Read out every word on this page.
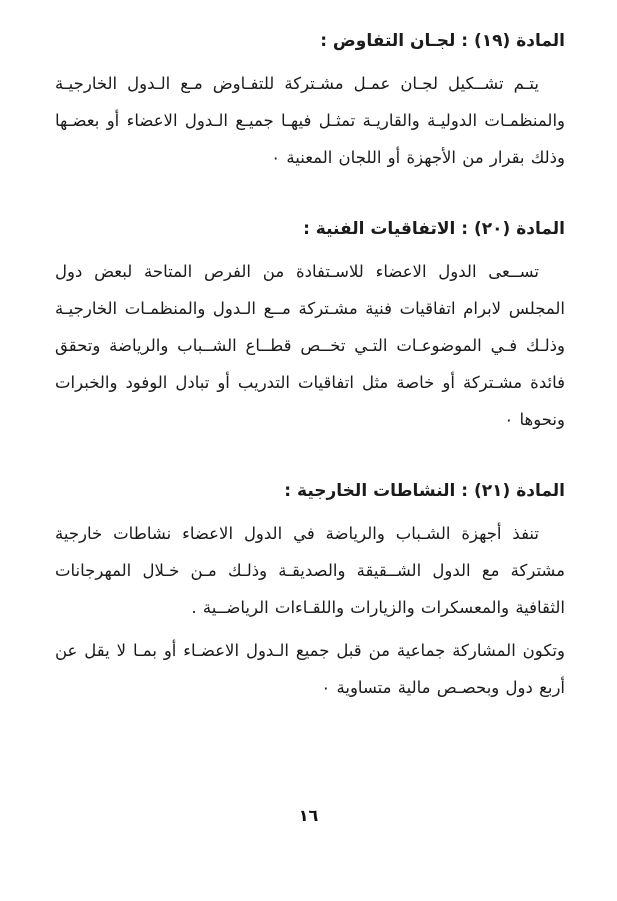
المادة (١٩) : لجـان التفاوض :

يتـم تشــكيل لجـان عمـل مشـتركة للتفـاوض مـع الـدول الخارجيـة والمنظمـات الدوليـة والقاريـة تمثـل فيهـا جميـع الـدول الاعضاء أو بعضـها وذلك بقرار من الأجهزة أو اللجان المعنية ٠

المادة (٢٠) : الاتفاقيات الفنية :

تســعى الدول الاعضاء للاسـتفادة من الفرص المتاحة لبعض دول المجلس لابرام اتفاقيات فنية مشـتركة مــع الـدول والمنظمـات الخارجيـة وذلـك فـي الموضوعـات التـي تخــص قطــاع الشــباب والرياضة وتحقق فائدة مشـتركة أو خاصة مثل اتفاقيات التدريب أو تبادل الوفود والخبرات ونحوها ٠

المادة (٢١) : النشاطات الخارجية :

تنفذ أجهزة الشـباب والرياضة في الدول الاعضاء نشاطات خارجية مشتركة مع الدول الشــقيقة والصديقـة وذلـك مـن خـلال المهرجانات الثقافية والمعسكرات والزيارات واللقـاءات الرياضــية .

وتكون المشاركة جماعية من قبل جميع الـدول الاعضـاء أو بمـا لا يقل عن أربع دول وبحصـص مالية متساوية ٠

١٦
